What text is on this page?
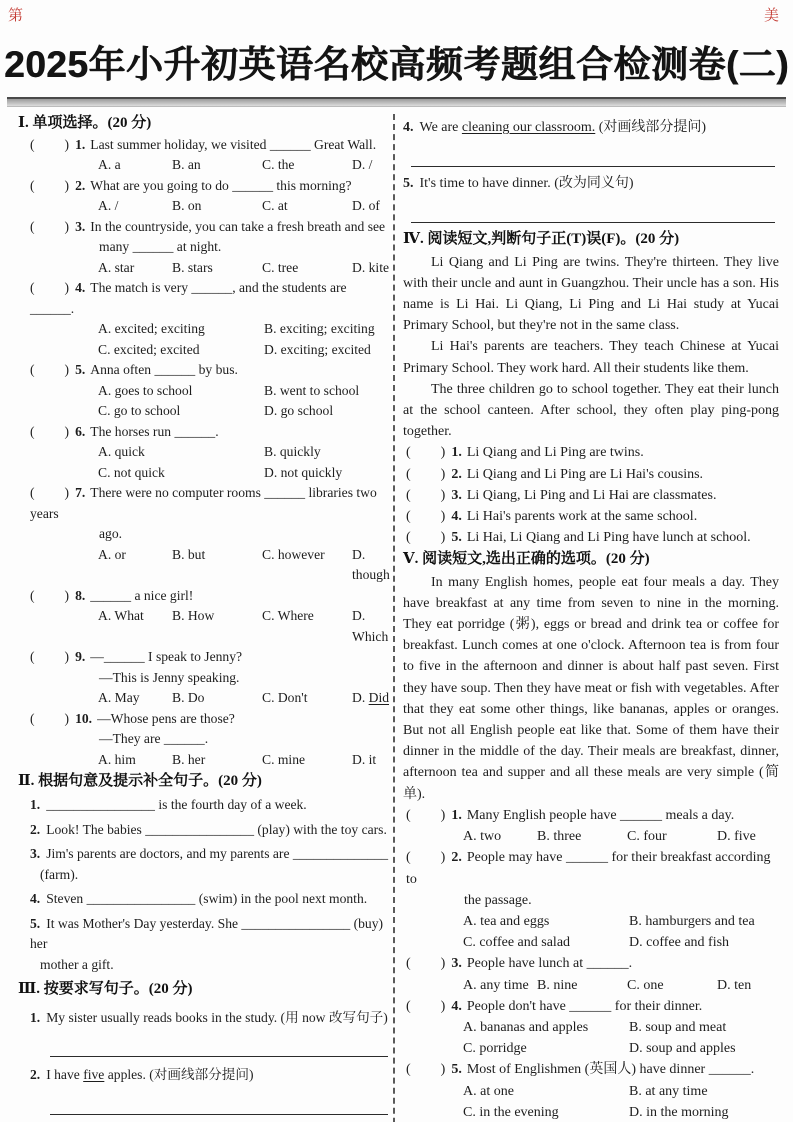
第	美
2025年小升初英语名校高频考题组合检测卷(二)
Ⅰ. 单项选择。(20 分)
( ) 1. Last summer holiday, we visited ______ Great Wall.
A. a	B. an	C. the	D. /
( ) 2. What are you going to do ______ this morning?
A. /	B. on	C. at	D. of
( ) 3. In the countryside, you can take a fresh breath and see
many ______ at night.
A. star	B. stars	C. tree	D. kite
( ) 4. The match is very ______, and the students are ______.
A. excited; exciting	B. exciting; exciting
C. excited; excited	D. exciting; excited
( ) 5. Anna often ______ by bus.
A. goes to school	B. went to school
C. go to school	D. go school
( ) 6. The horses run ______.
A. quick	B. quickly
C. not quick	D. not quickly
( ) 7. There were no computer rooms ______ libraries two years
ago.
A. or	B. but	C. however	D. though
( ) 8. ______ a nice girl!
A. What	B. How	C. Where	D. Which
( ) 9. —______ I speak to Jenny?
—This is Jenny speaking.
A. May	B. Do	C. Don't	D. Did
( ) 10. —Whose pens are those?
—They are ______.
A. him	B. her	C. mine	D. it
Ⅱ. 根据句意及提示补全句子。(20 分)
1. ________________ is the fourth day of a week.
2. Look! The babies ________________ (play) with the toy cars.
3. Jim's parents are doctors, and my parents are ______________
(farm).
4. Steven ________________ (swim) in the pool next month.
5. It was Mother's Day yesterday. She ________________ (buy) her
mother a gift.
Ⅲ. 按要求写句子。(20 分)
1. My sister usually reads books in the study. (用 now 改写句子)
2. I have five apples. (对画线部分提问)
4. We are cleaning our classroom. (对画线部分提问)
5. It's time to have dinner. (改为同义句)
Ⅳ. 阅读短文,判断句子正(T)误(F)。(20 分)

Li Qiang and Li Ping are twins. They're thirteen. They live with their uncle and aunt in Guangzhou. Their uncle has a son. His name is Li Hai. Li Qiang, Li Ping and Li Hai study at Yucai Primary School, but they're not in the same class.

Li Hai's parents are teachers. They teach Chinese at Yucai Primary School. They work hard. All their students like them.

The three children go to school together. They eat their lunch at the school canteen. After school, they often play ping-pong together.

( ) 1. Li Qiang and Li Ping are twins.
( ) 2. Li Qiang and Li Ping are Li Hai's cousins.
( ) 3. Li Qiang, Li Ping and Li Hai are classmates.
( ) 4. Li Hai's parents work at the same school.
( ) 5. Li Hai, Li Qiang and Li Ping have lunch at school.
Ⅴ. 阅读短文,选出正确的选项。(20 分)

In many English homes, people eat four meals a day. They have breakfast at any time from seven to nine in the morning. They eat porridge (粥), eggs or bread and drink tea or coffee for breakfast. Lunch comes at one o'clock. Afternoon tea is from four to five in the afternoon and dinner is about half past seven. First they have soup. Then they have meat or fish with vegetables. After that they eat some other things, like bananas, apples or oranges. But not all English people eat like that. Some of them have their dinner in the middle of the day. Their meals are breakfast, dinner, afternoon tea and supper and all these meals are very simple (简单).

( ) 1. Many English people have ______ meals a day.
A. two	B. three	C. four	D. five
( ) 2. People may have ______ for their breakfast according to
the passage.
A. tea and eggs	B. hamburgers and tea
C. coffee and salad	D. coffee and fish
( ) 3. People have lunch at ______.
A. any time B. nine	C. one	D. ten
( ) 4. People don't have ______ for their dinner.
A. bananas and apples	B. soup and meat
C. porridge	D. soup and apples
( ) 5. Most of Englishmen (英国人) have dinner ______.
A. at one	B. at any time
C. in the evening	D. in the morning
